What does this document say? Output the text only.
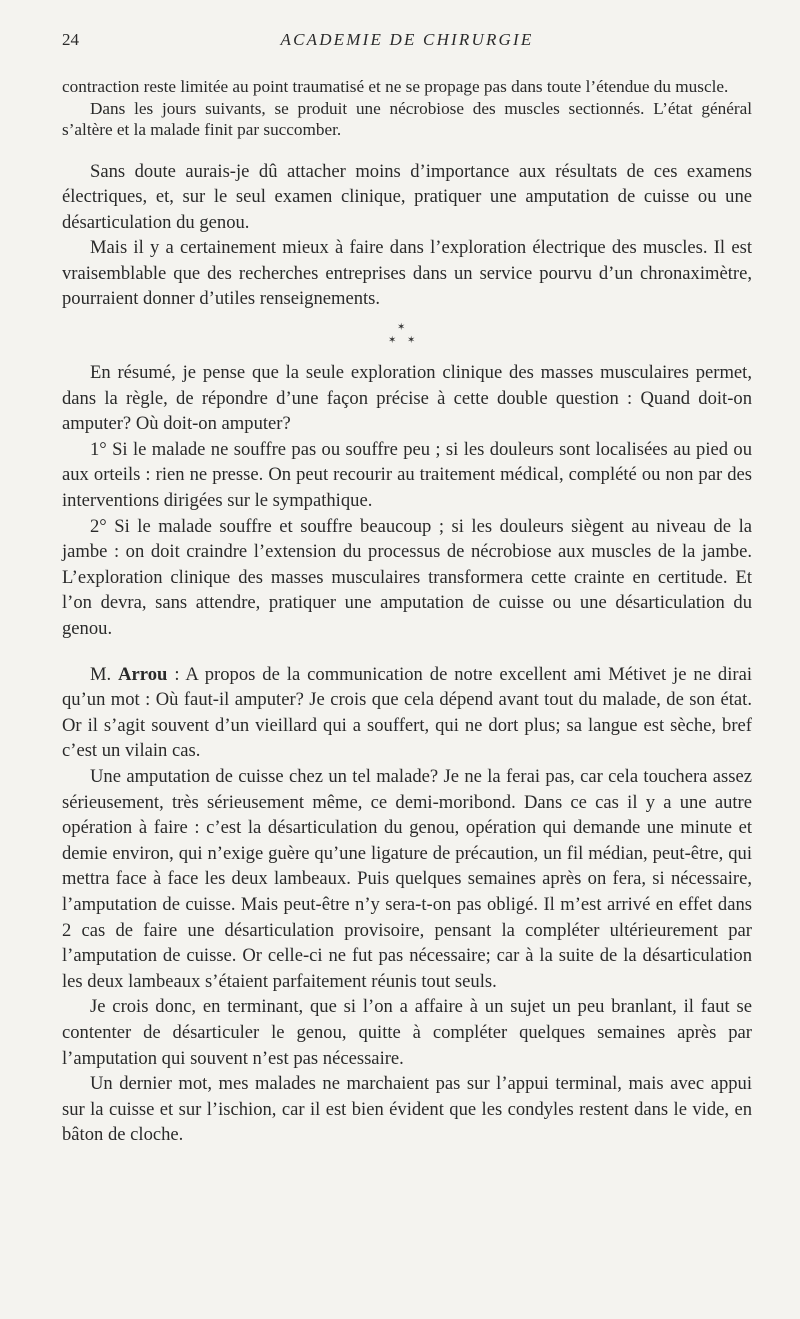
24	ACADEMIE DE CHIRURGIE

contraction reste limitée au point traumatisé et ne se propage pas dans toute l’étendue du muscle.

Dans les jours suivants, se produit une nécrobiose des muscles sectionnés. L’état général s’altère et la malade finit par succomber.

Sans doute aurais-je dû attacher moins d’importance aux résultats de ces examens électriques, et, sur le seul examen clinique, pratiquer une amputation de cuisse ou une désarticulation du genou.

Mais il y a certainement mieux à faire dans l’exploration électrique des muscles. Il est vraisemblable que des recherches entreprises dans un service pourvu d’un chronaximètre, pourraient donner d’utiles renseignements.

✶
✶ ✶

En résumé, je pense que la seule exploration clinique des masses musculaires permet, dans la règle, de répondre d’une façon précise à cette double question : Quand doit-on amputer? Où doit-on amputer?

1° Si le malade ne souffre pas ou souffre peu ; si les douleurs sont localisées au pied ou aux orteils : rien ne presse. On peut recourir au traitement médical, complété ou non par des interventions dirigées sur le sympathique.

2° Si le malade souffre et souffre beaucoup ; si les douleurs siègent au niveau de la jambe : on doit craindre l’extension du processus de nécrobiose aux muscles de la jambe. L’exploration clinique des masses musculaires transformera cette crainte en certitude. Et l’on devra, sans attendre, pratiquer une amputation de cuisse ou une désarticulation du genou.

M. Arrou : A propos de la communication de notre excellent ami Métivet je ne dirai qu’un mot : Où faut-il amputer? Je crois que cela dépend avant tout du malade, de son état. Or il s’agit souvent d’un vieillard qui a souffert, qui ne dort plus; sa langue est sèche, bref c’est un vilain cas.

Une amputation de cuisse chez un tel malade? Je ne la ferai pas, car cela touchera assez sérieusement, très sérieusement même, ce demi-moribond. Dans ce cas il y a une autre opération à faire : c’est la désarticulation du genou, opération qui demande une minute et demie environ, qui n’exige guère qu’une ligature de précaution, un fil médian, peut-être, qui mettra face à face les deux lambeaux. Puis quelques semaines après on fera, si nécessaire, l’amputation de cuisse. Mais peut-être n’y sera-t-on pas obligé. Il m’est arrivé en effet dans 2 cas de faire une désarticulation provisoire, pensant la compléter ultérieurement par l’amputation de cuisse. Or celle-ci ne fut pas nécessaire; car à la suite de la désarticulation les deux lambeaux s’étaient parfaitement réunis tout seuls.

Je crois donc, en terminant, que si l’on a affaire à un sujet un peu branlant, il faut se contenter de désarticuler le genou, quitte à compléter quelques semaines après par l’amputation qui souvent n’est pas nécessaire.

Un dernier mot, mes malades ne marchaient pas sur l’appui terminal, mais avec appui sur la cuisse et sur l’ischion, car il est bien évident que les condyles restent dans le vide, en bâton de cloche.
